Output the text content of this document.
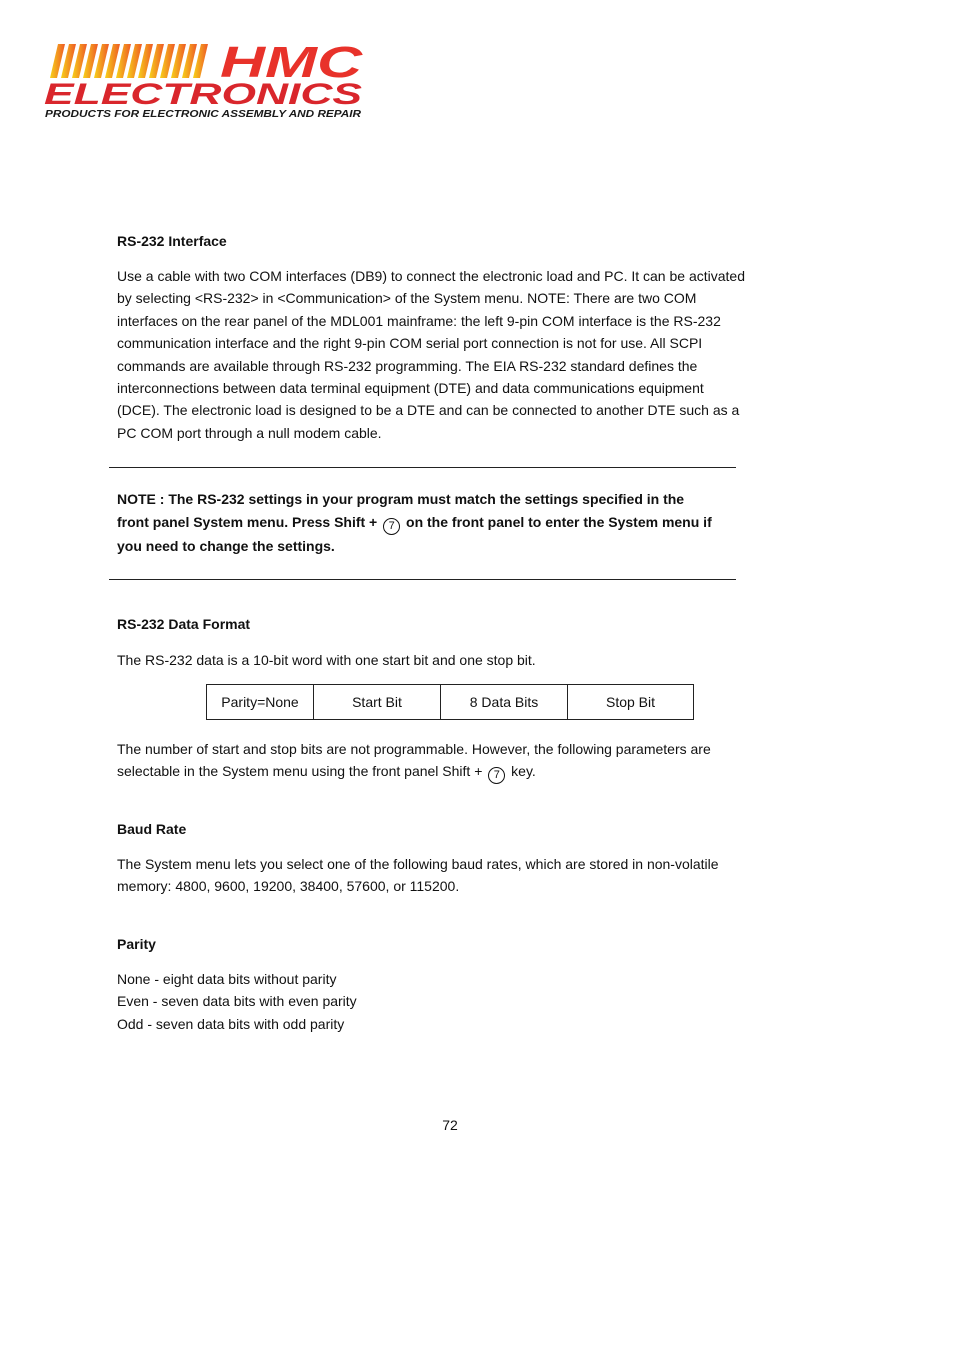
HMC
ELECTRONICS
PRODUCTS FOR ELECTRONIC ASSEMBLY AND REPAIR
RS-232 Interface

Use a cable with two COM interfaces (DB9) to connect the electronic load and PC. It can be activated by selecting <RS-232> in <Communication> of the System menu. NOTE: There are two COM interfaces on the rear panel of the MDL001 mainframe: the left 9-pin COM interface is the RS-232 communication interface and the right 9-pin COM serial port connection is not for use. All SCPI commands are available through RS-232 programming. The EIA RS-232 standard defines the interconnections between data terminal equipment (DTE) and data communications equipment (DCE). The electronic load is designed to be a DTE and can be connected to another DTE such as a PC COM port through a null modem cable.

RS-232 Data Format

The RS-232 data is a 10-bit word with one start bit and one stop bit.

The number of start and stop bits are not programmable. However, the following parameters are selectable in the System menu using the front panel Shift + 7 key.

Baud Rate

The System menu lets you select one of the following baud rates, which are stored in non-volatile memory: 4800, 9600, 19200, 38400, 57600, or 115200.

Parity
None - eight data bits without parity
Even - seven data bits with even parity
Odd - seven data bits with odd parity

NOTE : The RS-232 settings in your program must match the settings specified in the front panel System menu. Press Shift + 7 on the front panel to enter the System menu if you need to change the settings.

Parity=None	Start Bit	8 Data Bits	Stop Bit
72
